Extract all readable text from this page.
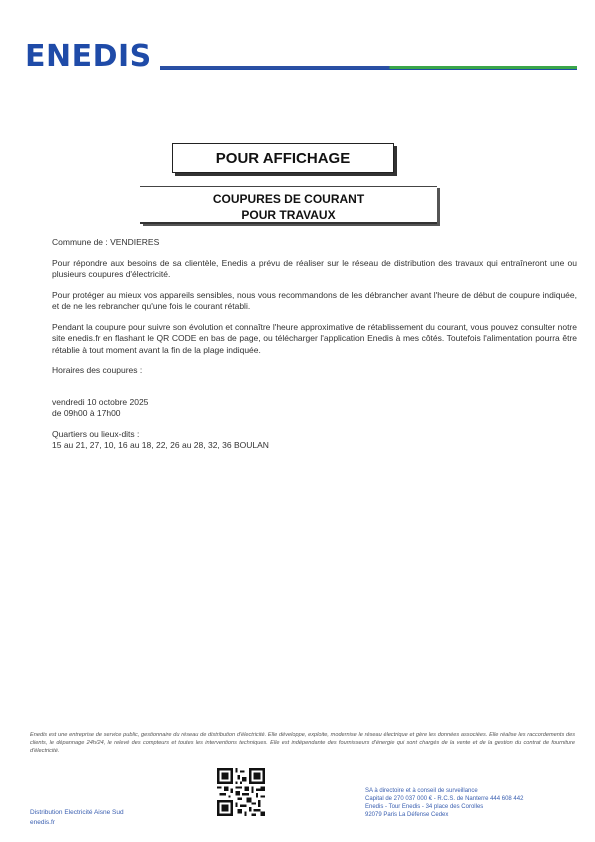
ENEDIS
POUR AFFICHAGE
COUPURES DE COURANT
POUR TRAVAUX

Commune de : VENDIERES

Pour répondre aux besoins de sa clientèle, Enedis a prévu de réaliser sur le réseau de distribution des travaux qui entraîneront une ou plusieurs coupures d'électricité.

Pour protéger au mieux vos appareils sensibles, nous vous recommandons de les débrancher avant l'heure de début de coupure indiquée, et de ne les rebrancher qu'une fois le courant rétabli.

Pendant la coupure pour suivre son évolution et connaître l'heure approximative de rétablissement du courant, vous pouvez consulter notre site enedis.fr en flashant le QR CODE en bas de page, ou télécharger l'application Enedis à mes côtés. Toutefois l'alimentation pourra être rétablie à tout moment avant la fin de la plage indiquée.

Horaires des coupures :

vendredi 10 octobre 2025

de 09h00 à 17h00

Quartiers ou lieux-dits :

15 au 21, 27, 10, 16 au 18, 22, 26 au 28, 32, 36 BOULAN

Enedis est une entreprise de service public, gestionnaire du réseau de distribution d'électricité. Elle développe, exploite, modernise le réseau électrique et gère les données associées. Elle réalise les raccordements des clients, le dépannage 24h/24, le relevé des compteurs et toutes les interventions techniques. Elle est indépendante des fournisseurs d'énergie qui sont chargés de la vente et de la gestion du contrat de fourniture d'électricité.
Distribution Electricité Aisne Sud
enedis.fr
SA à directoire et à conseil de surveillance
Capital de 270 037 000 € - R.C.S. de Nanterre 444 608 442
Enedis - Tour Enedis - 34 place des Corolles
92079 Paris La Défense Cedex
